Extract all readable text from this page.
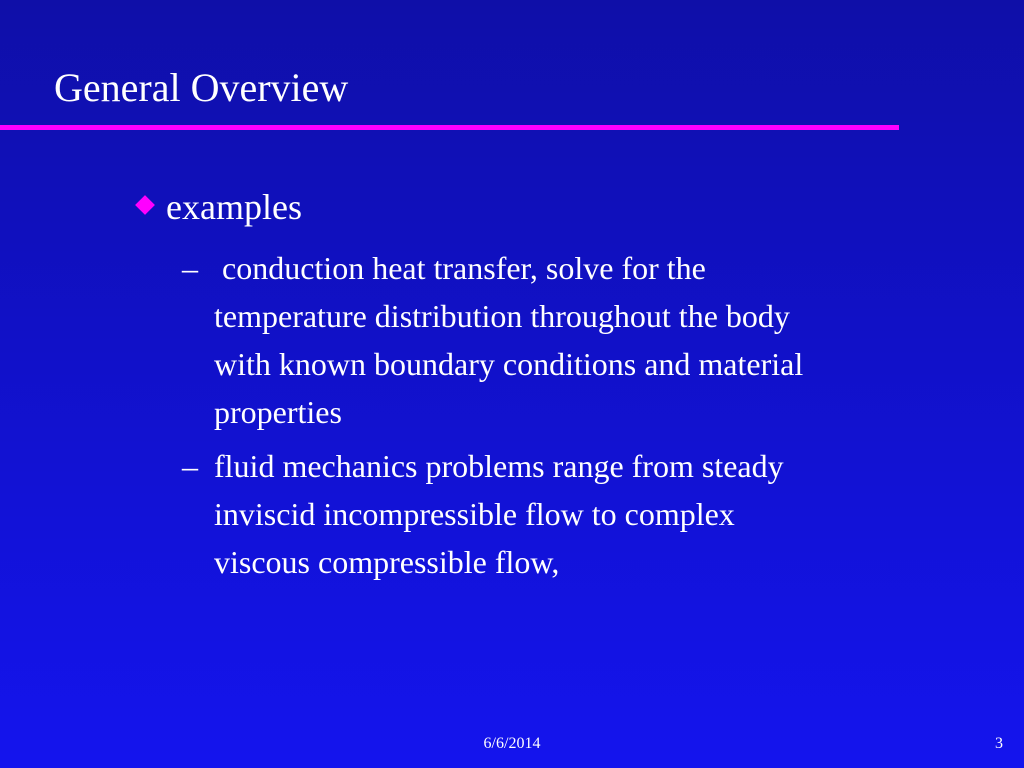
General Overview
examples
– conduction heat transfer, solve for the
temperature distribution throughout the body
with known boundary conditions and material
properties
– fluid mechanics problems range from steady
inviscid incompressible flow to complex
viscous compressible flow,
6/6/2014	3
